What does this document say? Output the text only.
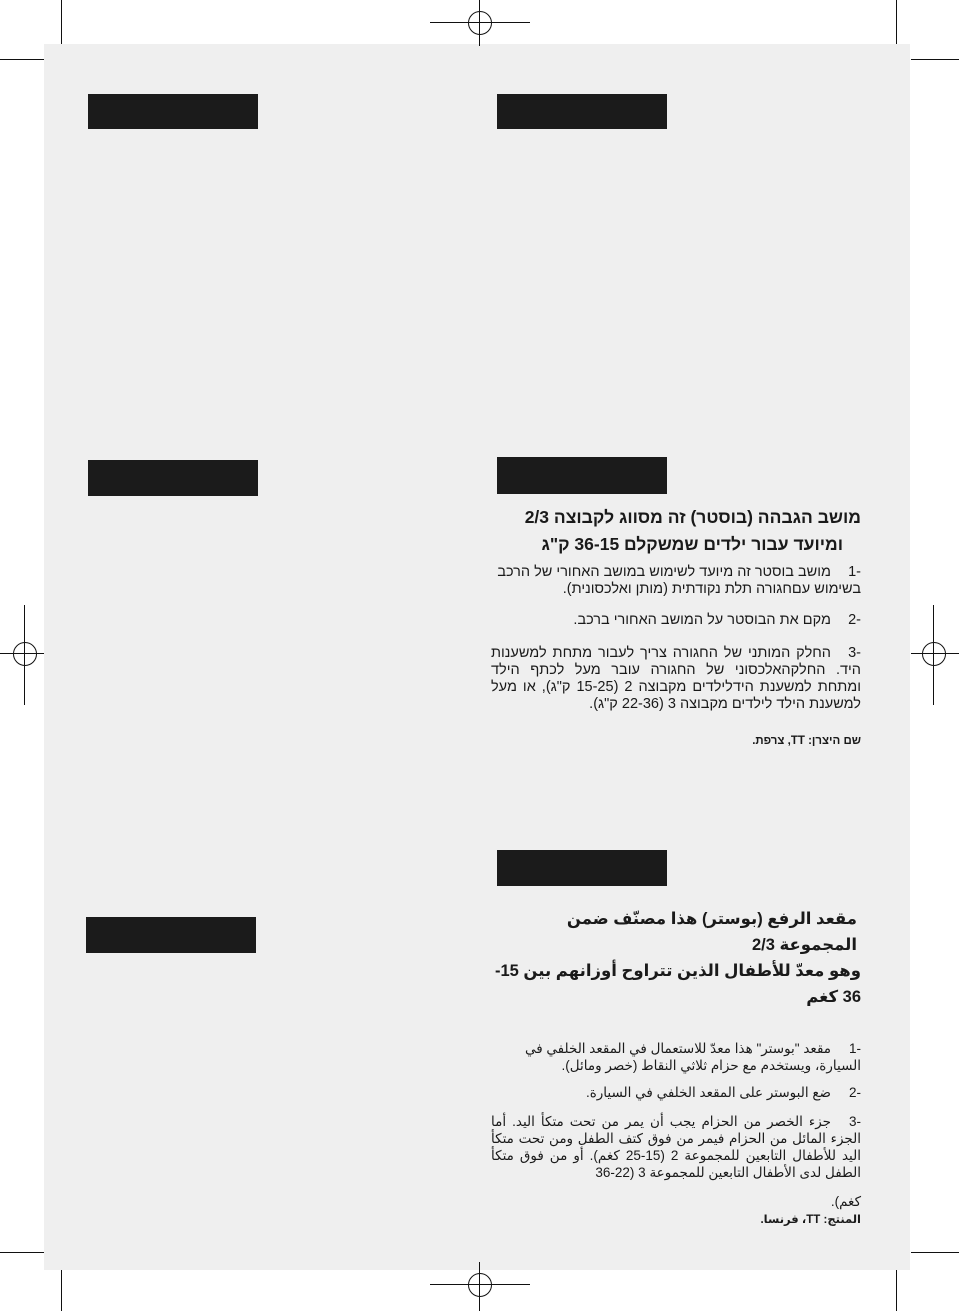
מושב הגבהה (בוסטר) זה מסווג לקבוצה 2/3

ומיועד עבור ילדים שמשקלם 36-15 ק"ג

-1
מושב בוסטר זה מיועד לשימוש במושב האחורי של הרכב בשימוש עםחגורה תלת נקודתית (מותן ואלכסונית).

-2
מקם את הבוסטר על המושב האחורי ברכב.

-3
החלק המותני של החגורה צריך לעבור מתחת למשענות היד. החלקהאלכסוני של החגורה עובר מעל לכתף הילד ומתחת למשענת הידלילדים מקבוצה 2 (15-25 ק"ג), או מעל למשענת הילד לילדים מקבוצה 3 (22-36 ק"ג).

שם היצרן: TT, צרפת.

مقعد الرفع (بوستر) هذا مصنّف ضمن المجموعة 2/3

وهو معدّ للأطفال الذين تتراوح أوزانهم بين 15-36 كغم

-1
مقعد "بوستر" هذا معدّ للاستعمال في المقعد الخلفي في السيارة، ويستخدم مع حزام ثلاثي النقاط (خصر ومائل).

-2
ضع البوستر على المقعد الخلفي في السيارة.

-3
جزء الخصر من الحزام يجب أن يمر من تحت متكأ اليد. أما الجزء المائل من الحزام فيمر من فوق كتف الطفل ومن تحت متكأ اليد للأطفال التابعين للمجموعة 2 (15-25 كغم). أو من فوق متكأ الطفل لدى الأطفال التابعين للمجموعة 3 (22-36

كغم).

المنتج: TT، فرنسا.
